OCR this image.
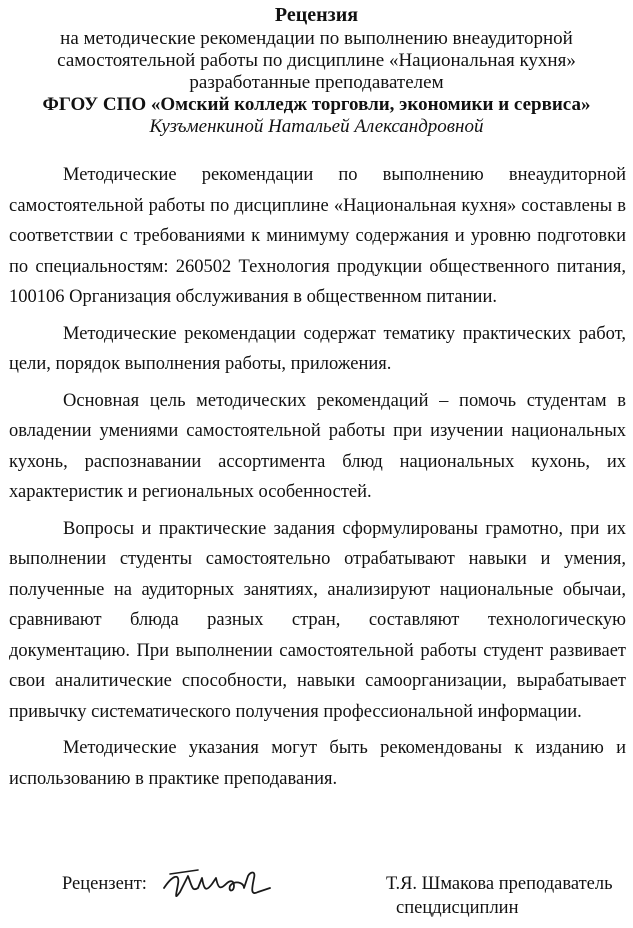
Рецензия
на методические рекомендации по выполнению внеаудиторной
самостоятельной работы по дисциплине «Национальная кухня»
разработанные преподавателем
ФГОУ СПО «Омский колледж торговли, экономики и сервиса»
Кузъменкиной Натальей Александровной

Методические рекомендации по выполнению внеаудиторной самостоятельной работы по дисциплине «Национальная кухня» составлены в соответствии с требованиями к минимуму содержания и уровню подготовки по специальностям: 260502 Технология продукции общественного питания, 100106 Организация обслуживания в общественном питании.

Методические рекомендации содержат тематику практических работ, цели, порядок выполнения работы, приложения.

Основная цель методических рекомендаций – помочь студентам в овладении умениями самостоятельной работы при изучении национальных кухонь, распознавании ассортимента блюд национальных кухонь, их характеристик и региональных особенностей.

Вопросы и практические задания сформулированы грамотно, при их выполнении студенты самостоятельно отрабатывают навыки и умения, полученные на аудиторных занятиях, анализируют национальные обычаи, сравнивают блюда разных стран, составляют технологическую документацию. При выполнении самостоятельной работы студент развивает свои аналитические способности, навыки самоорганизации, вырабатывает привычку систематического получения профессиональной информации.

Методические указания могут быть рекомендованы к изданию и использованию в практике преподавания.

Рецензент:	Т.Я. Шмакова преподаватель
спецдисциплин
